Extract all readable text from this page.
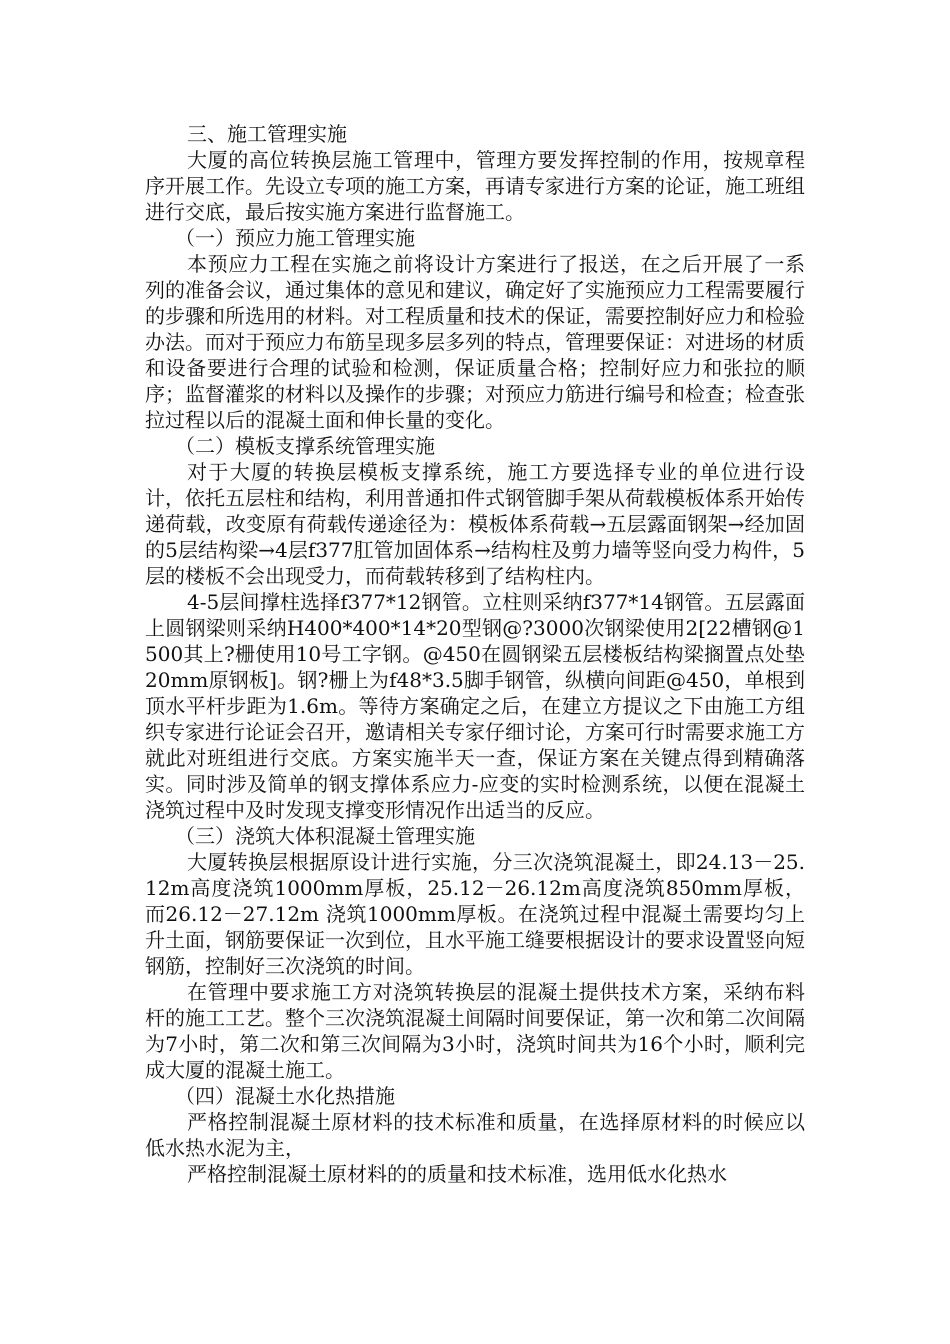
三、施工管理实施

大厦的高位转换层施工管理中，管理方要发挥控制的作用，按规章程序开展工作。先设立专项的施工方案，再请专家进行方案的论证，施工班组进行交底，最后按实施方案进行监督施工。

（一）预应力施工管理实施

本预应力工程在实施之前将设计方案进行了报送，在之后开展了一系列的准备会议，通过集体的意见和建议，确定好了实施预应力工程需要履行的步骤和所选用的材料。对工程质量和技术的保证，需要控制好应力和检验办法。而对于预应力布筋呈现多层多列的特点，管理要保证：对进场的材质和设备要进行合理的试验和检测，保证质量合格；控制好应力和张拉的顺序；监督灌浆的材料以及操作的步骤；对预应力筋进行编号和检查；检查张拉过程以后的混凝土面和伸长量的变化。

（二）模板支撑系统管理实施

对于大厦的转换层模板支撑系统，施工方要选择专业的单位进行设计，依托五层柱和结构，利用普通扣件式钢管脚手架从荷载模板体系开始传递荷载，改变原有荷载传递途径为：模板体系荷载→五层露面钢架→经加固的5层结构梁→4层f377肛管加固体系→结构柱及剪力墙等竖向受力构件，5层的楼板不会出现受力，而荷载转移到了结构柱内。

4-5层间撑柱选择f377*12钢管。立柱则采纳f377*14钢管。五层露面上圆钢梁则采纳H400*400*14*20型钢@?3000次钢梁使用2[22槽钢@1500其上?栅使用10号工字钢。@450在圆钢梁五层楼板结构梁搁置点处垫20mm原钢板]。钢?栅上为f48*3.5脚手钢管，纵横向间距@450，单根到顶水平杆步距为1.6m。等待方案确定之后，在建立方提议之下由施工方组织专家进行论证会召开，邀请相关专家仔细讨论，方案可行时需要求施工方就此对班组进行交底。方案实施半天一查，保证方案在关键点得到精确落实。同时涉及简单的钢支撑体系应力-应变的实时检测系统，以便在混凝土浇筑过程中及时发现支撑变形情况作出适当的反应。

（三）浇筑大体积混凝土管理实施

大厦转换层根据原设计进行实施，分三次浇筑混凝土，即24.13－25.12m高度浇筑1000mm厚板，25.12－26.12m高度浇筑850mm厚板，而26.12－27.12m 浇筑1000mm厚板。在浇筑过程中混凝土需要均匀上升土面，钢筋要保证一次到位，且水平施工缝要根据设计的要求设置竖向短钢筋，控制好三次浇筑的时间。

在管理中要求施工方对浇筑转换层的混凝土提供技术方案，采纳布料杆的施工工艺。整个三次浇筑混凝土间隔时间要保证，第一次和第二次间隔为7小时，第二次和第三次间隔为3小时，浇筑时间共为16个小时，顺利完成大厦的混凝土施工。

（四）混凝土水化热措施

严格控制混凝土原材料的技术标准和质量，在选择原材料的时候应以低水热水泥为主，

严格控制混凝土原材料的的质量和技术标准，选用低水化热水
